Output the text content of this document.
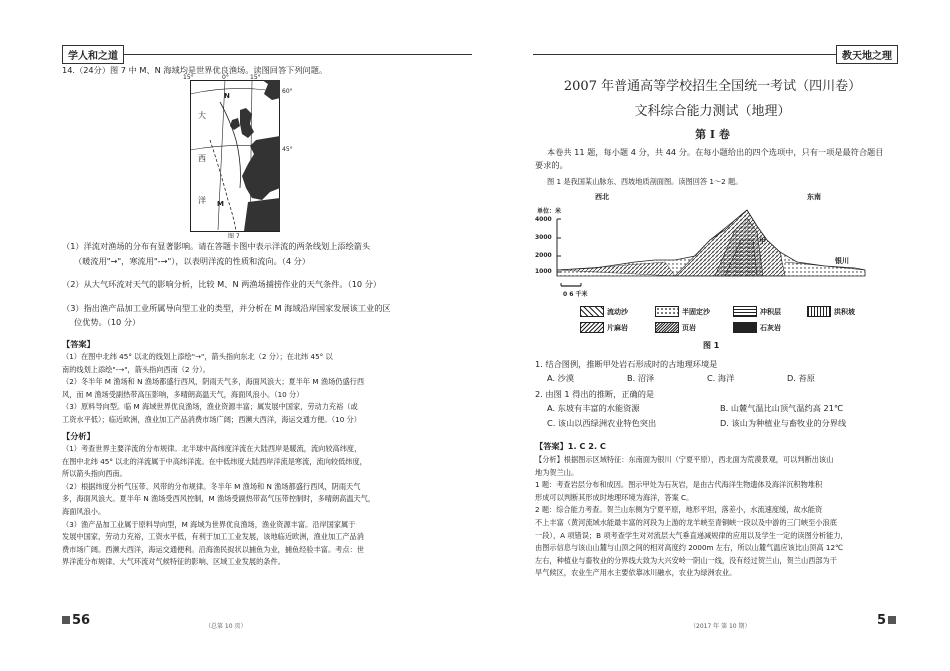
学人和之道

14.（24分）图 7 中 M、N 海域均是世界优良渔场。读图回答下列问题。

大
西
洋
N
M
15°	0°	15°
60°
45°
图 7

（1）洋流对渔场的分布有显著影响。请在答题卡图中表示洋流的两条线划上添绘箭头

（暖流用"→"，寒流用"-→"），以表明洋流的性质和流向。（4 分）

（2）从大气环流对天气的影响分析，比较 M、N 两渔场捕捞作业的天气条件。（10 分）

（3）指出渔产品加工业所属导向型工业的类型，并分析在 M 海域沿岸国家发展该工业的区

位优势。（10 分）

【答案】

（1）在图中北纬 45° 以北的线划上添绘"→"，箭头指向东北（2 分）；在北纬 45° 以
南的线划上添绘"-→"，箭头指向西南（2 分）。
（2）冬半年 M 渔场和 N 渔场都盛行西风，阴雨天气多，海面风浪大；夏半年 M 渔场仍盛行西
风，而 M 渔场受副热带高压影响，多晴朗高温天气，海面风浪小。（10 分）
（3）原料导向型。临 M 海域世界优良渔场，渔业资源丰富；属发展中国家，劳动力充裕（或
工资水平低）；临近欧洲，渔业加工产品消费市场广阔；西濒大西洋，海运交通方便。（10 分）

【分析】

（1）考查世界主要洋流的分布规律。北半球中高纬度洋流在大陆西岸是暖流，流向较高纬度，
在图中北纬 45° 以北的洋流属于中高纬洋流。在中低纬度大陆西岸洋流是寒流，流向较低纬度，
所以箭头指向西南。
（2）根据纬度分析气压带、风带的分布规律。冬半年 M 渔场和 N 渔场都盛行西风，阴雨天气
多，海面风浪大。夏半年 N 渔场受西风控制，M 渔场受副热带高气压带控制时，多晴朗高温天气，
海面风浪小。
（3）渔产品加工业属于原料导向型，M 海域为世界优良渔场，渔业资源丰富。沿岸国家属于
发展中国家，劳动力充裕，工资水平低，有利于加工工业发展，该地临近欧洲，渔业加工产品消
费市场广阔。西濒大西洋，海运交通便利。沿海渔民捉状以捕鱼为业，捕鱼经验丰富。考点：世
界洋流分布规律、大气环流对气候特征的影响、区域工业发展的条件。
56	（总第 10 页）
教天地之理
2007 年普通高等学校招生全国统一考试（四川卷）
文科综合能力测试（地理）
第 Ⅰ 卷

本卷共 11 题，每小题 4 分，共 44 分。在每小题给出的四个选项中，只有一项是最符合题目

要求的。

图 1 是我国某山脉东、西坡地质剖面图。读图回答 1～2 题。

西北	东南
单位：米
4000
3000
2000
1000
0 6 千米
甲
银川
流动沙	半固定沙	冲积层	洪积坡
片麻岩	页岩	石灰岩
图 1

1. 结合图例，推断甲处岩石形成时的古地理环境是

A. 沙漠	B. 沼泽	C. 海洋	D. 苔原

2. 由图 1 得出的推断，正确的是

A. 东坡有丰富的水能资源	B. 山麓气温比山顶气温约高 21℃
C. 该山以西绿洲农业特色突出	D. 该山为种植业与畜牧业的分界线

【答案】1. C 2. C

【分析】根据图示区域特征：东南面为银川（宁夏平原），西北面为荒漠景观，可以判断出该山
地为贺兰山。
1 题：考查岩层分布和成因。图示甲处为石灰岩，是由古代海洋生物遗体及海洋沉积物堆积
形成可以判断其形成时地理环境为海洋，答案 C。
2 题：综合能力考查。贺兰山东侧为宁夏平原，地形平坦，落差小，水流速度缓，故水能资
不上丰富（黄河流域水能最丰富的河段为上游的龙羊峡至青铜峡一段以及中游的三门峡至小浪底
一段），A 项错误；B 项考查学生对对流层大气垂直递减规律的应用以及学生一定的读图分析能力，
由图示信息与该山山麓与山顶之间的相对高度约 2000m 左右，所以山麓气温应该比山顶高 12℃
左右，种植业与畜牧业的分界线大致为大兴安岭一阴山一线，没有经过贺兰山，贺兰山西部为干
旱气候区，农业生产用水主要依靠冰川融水，农业为绿洲农业。
（2017 年 第 10 期）	5
